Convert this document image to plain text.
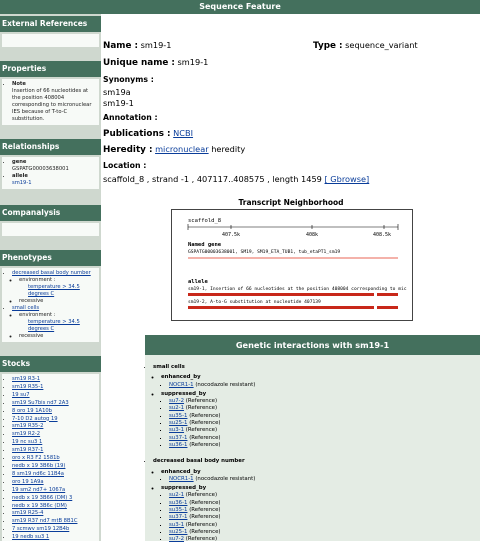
Sequence Feature
External References
Properties
• Note
Insertion of 66 nucleotides at the position 408004 corresponding to micronuclear IES because of T-to-C substitution.
Relationships
• gene
GSPATG00003638001
• allele
sm19-1
Companalysis
Phenotypes
• decreased basal body number
◦ environment :
temperature > 34.5
degrees C
◦ recessive
• small cells
◦ environment :
temperature > 34.5
degrees C
◦ recessive
Stocks
• sm19 R3-1
• sm19 R35-1
• 19 su7
• sm19 Su7bis nd7 2A3
• 8 oro 19 1A10b
• 7-10 D2 autog 19
• sm19 R35-2
• sm19 R2-2
• 19 nc su3 1
• sm19 R37-1
• oro x R3 F2 1581b
• nedb x 19 3B6b (19)
• 8 sm19 nd6c 11B4a
• oro 19 1A9a
• 19 sm2 nd7+ 1067a
• nedb x 19 3B66 (DM) 3
• nedb x 19 3B6c (DM)
• sm19 R25-4
• sm19 R37 nd7 mtB 8B1C
• 7 scmwv sm19 12B4b
• 19 nedb su3 1
Name : sm19-1	Type : sequence_variant
Unique name : sm19-1
Synonyms :
sm19a
sm19-1
Annotation :
Publications : NCBI
Heredity : micronuclear heredity
Location :
scaffold_8 , strand -1 , 407117..408575 , length 1459 [ Gbrowse]
Transcript Neighborhood
scaffold_8
407.5k	408k	408.5k
Named gene
GSPATG00003638001, SM19, SM19_ETA_TUB1, tub_etaPT1_sm19
allele
sm19-1, Insertion of 66 nucleotides at the position 408004 corresponding to mic
sm19-2, A-to-G substitution at nucleotide 407139
Genetic interactions with sm19-1
• small cells
◦ enhanced_by
▪ NOCR1-1 (nocodazole resistant)
◦ suppressed_by
▪ su7-2 (Reference)
▪ su2-1 (Reference)
▪ su35-1 (Reference)
▪ su25-1 (Reference)
▪ su3-1 (Reference)
▪ su37-1 (Reference)
▪ su36-1 (Reference)
• decreased basal body number
◦ enhanced_by
▪ NOCR1-1 (nocodazole resistant)
◦ suppressed_by
▪ su2-1 (Reference)
▪ su36-1 (Reference)
▪ su35-1 (Reference)
▪ su37-1 (Reference)
▪ su3-1 (Reference)
▪ su25-1 (Reference)
▪ su7-2 (Reference)
